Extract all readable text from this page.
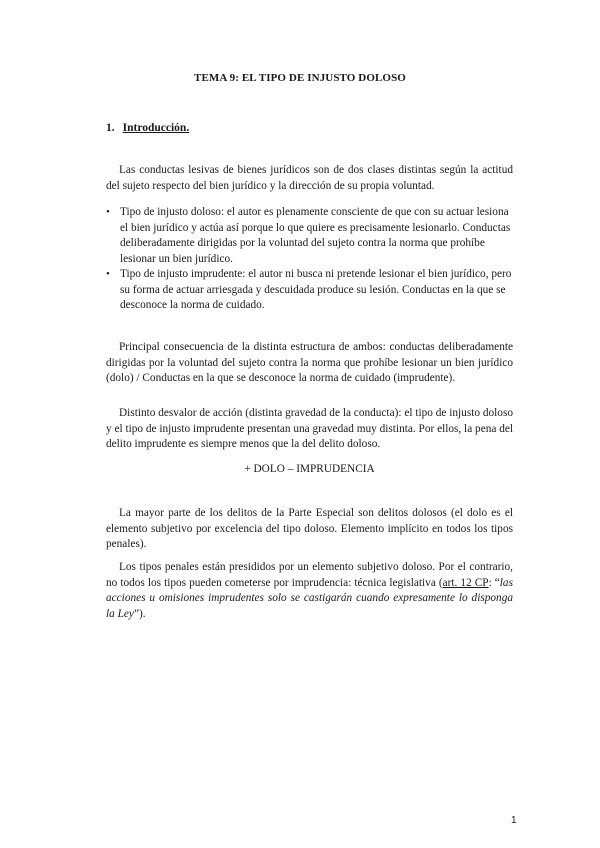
TEMA 9: EL TIPO DE INJUSTO DOLOSO
1. Introducción.

Las conductas lesivas de bienes jurídicos son de dos clases distintas según la actitud del sujeto respecto del bien jurídico y la dirección de su propia voluntad.

• Tipo de injusto doloso: el autor es plenamente consciente de que con su actuar lesiona el bien jurídico y actúa así porque lo que quiere es precisamente lesionarlo. Conductas deliberadamente dirigidas por la voluntad del sujeto contra la norma que prohíbe lesionar un bien jurídico.
• Tipo de injusto imprudente: el autor ni busca ni pretende lesionar el bien jurídico, pero su forma de actuar arriesgada y descuidada produce su lesión. Conductas en la que se desconoce la norma de cuidado.

Principal consecuencia de la distinta estructura de ambos: conductas deliberadamente dirigidas por la voluntad del sujeto contra la norma que prohíbe lesionar un bien jurídico (dolo) / Conductas en la que se desconoce la norma de cuidado (imprudente).

Distinto desvalor de acción (distinta gravedad de la conducta): el tipo de injusto doloso y el tipo de injusto imprudente presentan una gravedad muy distinta. Por ellos, la pena del delito imprudente es siempre menos que la del delito doloso.

+ DOLO – IMPRUDENCIA

La mayor parte de los delitos de la Parte Especial son delitos dolosos (el dolo es el elemento subjetivo por excelencia del tipo doloso. Elemento implícito en todos los tipos penales).

Los tipos penales están presididos por un elemento subjetivo doloso. Por el contrario, no todos los tipos pueden cometerse por imprudencia: técnica legislativa (art. 12 CP: “las acciones u omisiones imprudentes solo se castigarán cuando expresamente lo disponga la Ley”).

1
